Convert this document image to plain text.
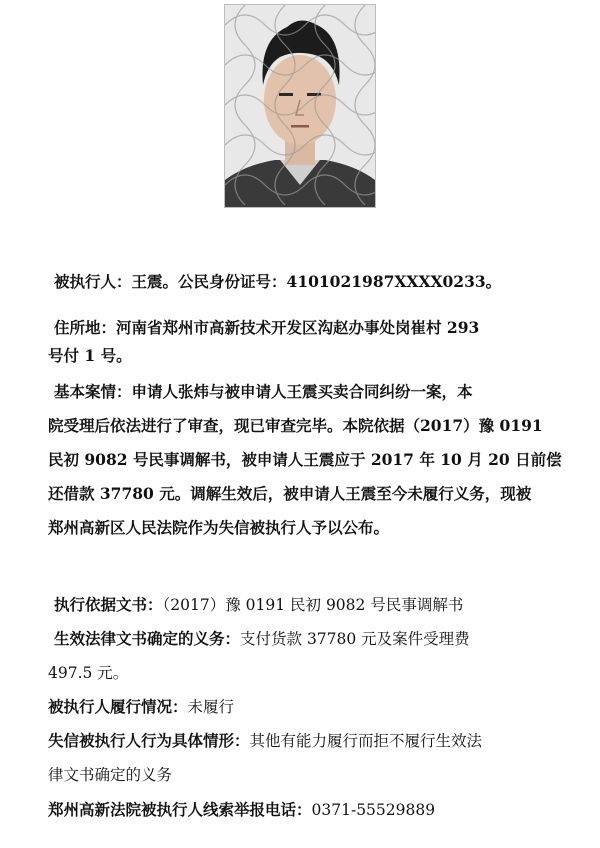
被执行人：王震。公民身份证号：4101021987XXXX0233。

住所地：河南省郑州市高新技术开发区沟赵办事处岗崔村 293

号付 1 号。

基本案情：申请人张炜与被申请人王震买卖合同纠纷一案，本

院受理后依法进行了审查，现已审查完毕。本院依据（2017）豫 0191

民初 9082 号民事调解书，被申请人王震应于 2017 年 10 月 20 日前偿

还借款 37780 元。调解生效后，被申请人王震至今未履行义务，现被

郑州高新区人民法院作为失信被执行人予以公布。

执行依据文书：（2017）豫 0191 民初 9082 号民事调解书

生效法律文书确定的义务：支付货款 37780 元及案件受理费

497.5 元。

被执行人履行情况：未履行

失信被执行人行为具体情形：其他有能力履行而拒不履行生效法

律文书确定的义务

郑州高新法院被执行人线索举报电话：0371-55529889
